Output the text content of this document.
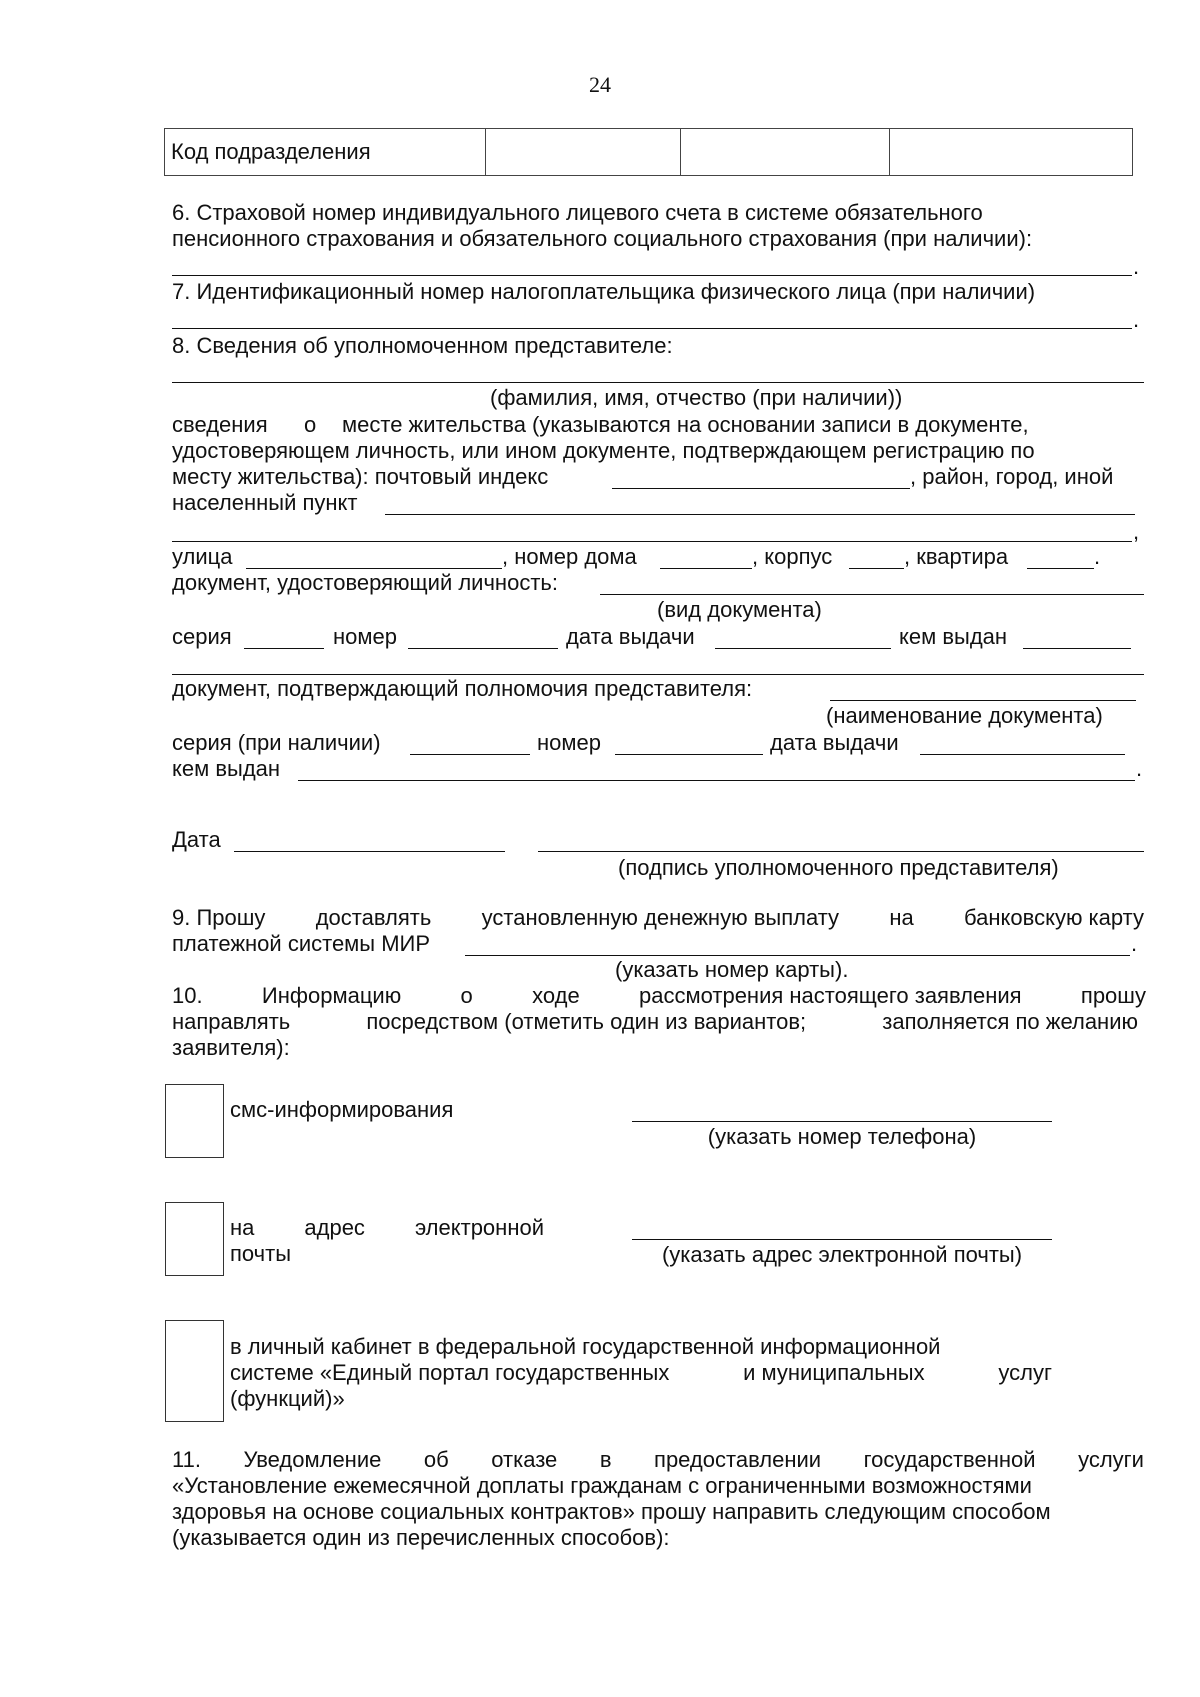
24
Код подразделения			
6. Страховой номер индивидуального лицевого счета в системе обязательного
пенсионного страхования и обязательного социального страхования (при наличии):
.
7. Идентификационный номер налогоплательщика физического лица (при наличии)
.
8. Сведения об уполномоченном представителе:
(фамилия, имя, отчество (при наличии))
сведения о месте жительства (указываются на основании записи в документе,
удостоверяющем личность, или ином документе, подтверждающем регистрацию по
месту жительства): почтовый индекс	, район, город, иной
населенный пункт
,
улица	, номер дома	, корпус	, квартира	.
документ, удостоверяющий личность:
(вид документа)
серия	номер	дата выдачи	кем выдан
документ, подтверждающий полномочия представителя:
(наименование документа)
серия (при наличии)	номер	дата выдачи
кем выдан	.
Дата
(подпись уполномоченного представителя)
9. Прошу доставлять установленную денежную выплату на банковскую карту
платежной системы МИР	.
(указать номер карты).
10.	Информацию	о	ходе	рассмотрения настоящего заявления	прошу
направлять	посредством (отметить один из вариантов;	заполняется по желанию
заявителя):
смс-информирования
(указать номер телефона)
на адрес электронной
почты	(указать адрес электронной почты)
в личный кабинет в федеральной государственной информационной
системе «Единый портал государственных	и муниципальных	услуг
(функций)»
11. Уведомление об отказе в предоставлении государственной услуги
«Установление ежемесячной доплаты гражданам с ограниченными возможностями
здоровья на основе социальных контрактов» прошу направить следующим способом
(указывается один из перечисленных способов):
